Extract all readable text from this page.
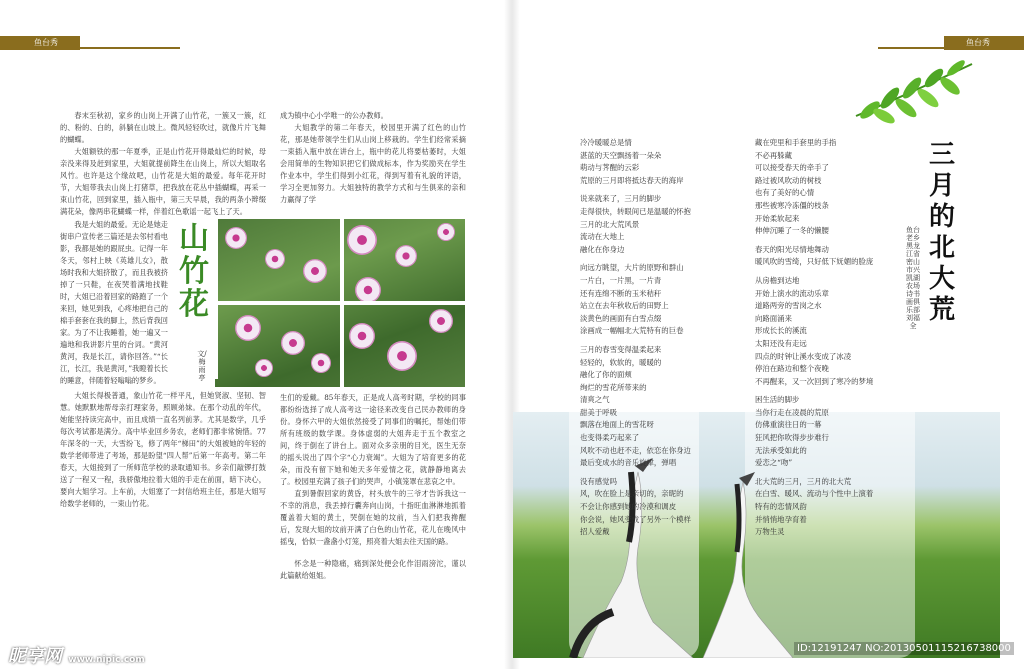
鱼台秀	鱼台秀

春末至秋初，家乡的山岗上开满了山竹花，一簇又一簇，红的、粉的、白的，斜躺在山坡上。微风轻轻吹过，就像片片飞舞的蝴蝶。

大姐额铁的那一年夏季，正是山竹花开得最灿烂的时候，母亲没来得及赶到家里，大姐就提前降生在山岗上，所以大姐取名风竹。也许是这个缘故吧，山竹花是大姐的最爱。每年花开时节，大姐带我去山岗上打猪草，把我放在花丛中插蝴蝶，再采一束山竹花，回到家里，插入瓶中，第三天早晨，我的两条小辫缀满花朵，像两串花蝴蝶一样，伴着红色歌谣一起飞上了天。

我是大姐的最爱。无论是她走街串户宣传老三篇还是去邻村看电影，我都是她的跟屁虫。记得一年冬天，邻村上映《英雄儿女》，散场时我和大姐挤散了，而且我被挤掉了一只鞋，在夜哭着满地找鞋时，大姐已沿着回家的路跑了一个来回，她见到我，心疼地把自己的棉手套套在我的脚上，然后背我回家。为了不让我睡着，她一遍又一遍地和我讲影片里的台词。“黄河黄河，我是长江，请你回答。”“长江，长江，我是黄河，”我瞪着长长的睡意，伴随着轻嗡嗡的梦乡。

大姐长得极普通，象山竹花一样平凡，但她贤淑、坚韧、智慧。她默默地帮母亲打理家务，照顾弟妹。在那个动乱的年代，她能坚持读完高中，而且成绩一直名列前茅。尤其是数学，几乎每次考试都是满分。高中毕业回乡务农，老师们都非常惋惜。77年深冬的一天，大雪纷飞，修了两年“梯田”的大姐被她的年轻的数学老师带进了考场，那是盼望“四人帮”后第一年高考。第二年春天，大姐接到了一所师范学校的录取通知书。乡亲们敲锣打鼓送了一程又一程，我骄傲地拉着大姐的手走在前面，暗下决心，要向大姐学习。上车前，大姐塞了一封信给班主任，那是大姐写给数学老师的，一束山竹花。

成为镇中心小学唯一的公办教师。

大姐教学的第二年春天，校园里开满了红色的山竹花，那是她带领学生们从山岗上移栽的。学生们经常采摘一束插入瓶中放在讲台上，瓶中的花儿将要枯萎时，大姐会用简单的生物知识把它们做成标本，作为奖励夹在学生作业本中，学生们得到小红花，得到写着有礼貌的评语，学习全更加努力。大姐独特的教学方式和与生俱来的亲和力赢得了学

生们的爱戴。85年春天，正是成人高考时期，学校的同事都纷纷选择了成人高考这一途径来改变自己民办教师的身份。身怀六甲的大姐依然接受了同事们的嘱托，帮她们带所有班级的数学课。身体虚弱的大姐奔走于五个教室之间，终于倒在了讲台上。面对众多亲朋的目光，医生无奈的摇头说出了四个字“心力衰竭”。大姐为了培育更多的花朵，而没有留下她和她天多年爱情之花，就静静地离去了。校园里充满了孩子们的哭声，小镇笼罩在悲哀之中。

直到暑假回家的黄昏，村头放牛的三爷才告诉我这一不幸的消息，我丢掉行囊奔向山岗，十指旺血淋淋地抓着覆盖着大姐的黄土，哭倒在她的坟前，当入们把我搀醒后，发现大姐的坟前开满了白色的山竹花，花儿在晚风中摇曳，恰似一盏盏小灯笼，照亮着大姐去往天国的路。

怀念是一种隐痛，痛到深处便会化作泪雨滂沱，谨以此篇献给姐姐。

山竹花
文/梅雨亭
三月的北大荒
鱼台老乡 黑龙江省密山市兴凯湖农场诗书画俱乐部 刘福全
冷冷暖暖总是情
湛蓝的天空飘扬着一朵朵
萌动与荠醒的云彩
荒原的三月即将抵达春天的海岸
说来就来了，三月的脚步
走得很快，转眼间已是温暖的怀抱
三月的北大荒风景
流动在大地上
融化在你身边
向远方眺望，大片的原野和群山
一片白，一片黑，一片青
还有连绵不断的玉米秸秆
站立在去年秋收后的田野上
淡黄色的画面有白雪点缀
涂画成一幅幅北大荒特有的巨卷
三月的春雪变得温柔起来
轻轻的，软软的，暖暖的
融化了你的面颊
绚烂的雪花所带来的
清爽之气
甜美于呼吸
飘落在地面上的雪花呀
也变得柔巧起来了
风吹不动也赶不走，依恋在你身边
最后变成水的音乐旋律，弹唱
没有感觉吗
风，吹在脸上是亲切的，亲昵的
不会让你感到她的冷漠和调皮
你会说，她风变成了另外一个模样
招人爱戴
藏在兜里和手套里的手指
不必再躲藏
可以接受春天的牵手了
路过被风吹动的树枝
也有了美好的心情
那些被寒冷冻僵的枝条
开始柔软起来
伸伸沉睡了一冬的懒腰
春天的阳光尽情地舞动
暖风吹的雪绮，只好低下妩媚的脸庞
从房檐到达地
开始上演水的流动乐章
道路两旁的雪岗之水
向路面涌来
形成长长的溪流
太阳还没有走远
四点的时钟让溪水变成了冰凌
停泊在路边和整个夜晚
不再醒来，又一次回到了寒冷的梦境
困生活的脚步
当你行走在凌晨的荒原
仿佛重演往日的一幕
狂风把你吹得步步难行
无法承受如此的
爱恋之“吻”
北大荒的三月，三月的北大荒
在白雪、暖风、流动与个性中上演着
特有的恋情风韵
并悄悄地孕育着
万物生灵
昵享网 www.nipic.com
ID:12191247 NO:20130501115216738000
